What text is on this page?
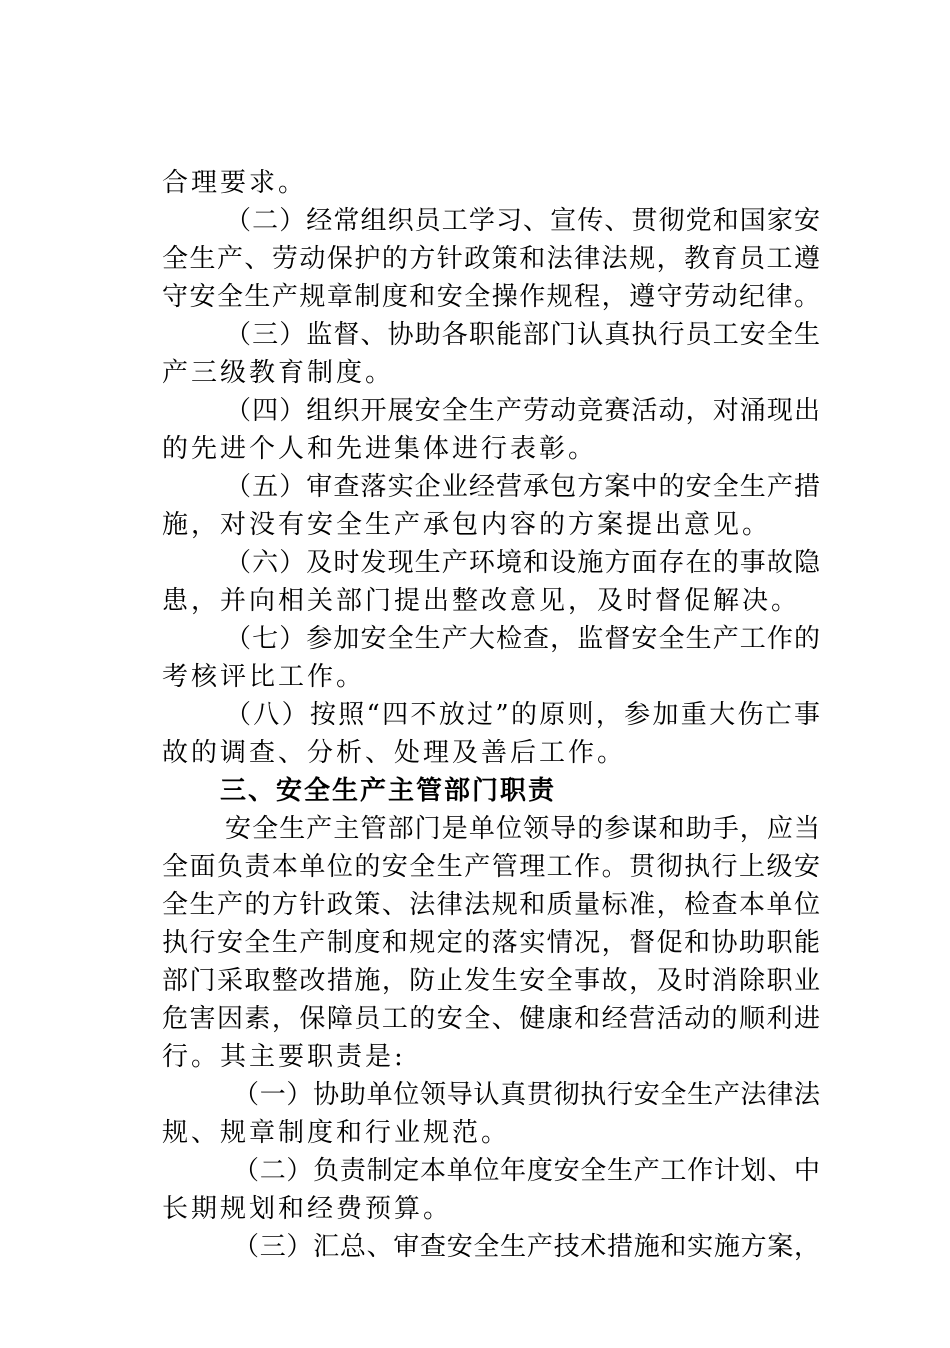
合理要求。
（二）经常组织员工学习、宣传、贯彻党和国家安
全生产、劳动保护的方针政策和法律法规，教育员工遵
守安全生产规章制度和安全操作规程，遵守劳动纪律。
（三）监督、协助各职能部门认真执行员工安全生
产三级教育制度。
（四）组织开展安全生产劳动竞赛活动，对涌现出
的先进个人和先进集体进行表彰。
（五）审查落实企业经营承包方案中的安全生产措
施，对没有安全生产承包内容的方案提出意见。
（六）及时发现生产环境和设施方面存在的事故隐
患，并向相关部门提出整改意见，及时督促解决。
（七）参加安全生产大检查，监督安全生产工作的
考核评比工作。
（八）按照“四不放过”的原则，参加重大伤亡事
故的调查、分析、处理及善后工作。
三、安全生产主管部门职责
安全生产主管部门是单位领导的参谋和助手，应当
全面负责本单位的安全生产管理工作。贯彻执行上级安
全生产的方针政策、法律法规和质量标准，检查本单位
执行安全生产制度和规定的落实情况，督促和协助职能
部门采取整改措施，防止发生安全事故，及时消除职业
危害因素，保障员工的安全、健康和经营活动的顺利进
行。其主要职责是:
（一）协助单位领导认真贯彻执行安全生产法律法
规、规章制度和行业规范。
（二）负责制定本单位年度安全生产工作计划、中
长期规划和经费预算。
（三）汇总、审查安全生产技术措施和实施方案，
